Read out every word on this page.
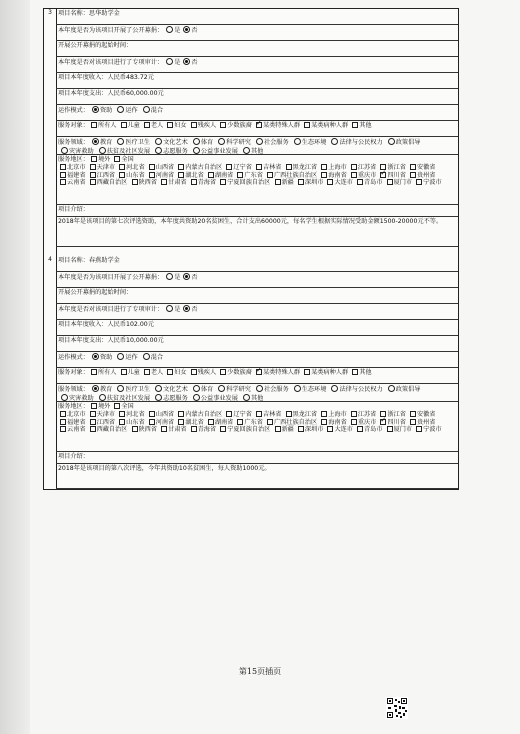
3 项目名称：思华助学金
本年度是否为该项目开展了公开募捐： 是 否
开展公开募捐的起始时间：
本年度是否对该项目进行了专项审计： 是 否
项目本年度收入：人民币483.72元
项目本年度支出：人民币60,000.00元
运作模式： 资助 运作 混合
服务对象： 所有人 儿童 老人 妇女 残疾人 少数族裔 ✓ 某类特殊人群 某类病种人群 其他
服务领域： 教育 医疗卫生 文化艺术 体育 科学研究 社会服务 生态环境 法律与公民权力 政策倡导灾害救助 扶贫及社区发展 志愿服务 公益事业发展 其他
服务地区： 境外 全国
北京市 天津市 河北省 山西省 内蒙古自治区 辽宁省 吉林省 黑龙江省 上海市 江苏省 浙江省 安徽省福建省 江西省 山东省 河南省 湖北省 湖南省 广东省 广西壮族自治区 海南省 重庆市 ✓ 四川省 贵州省云南省 西藏自治区 陕西省 甘肃省 青海省 宁夏回族自治区 新疆 深圳市 大连市 青岛市 厦门市 宁波市
项目介绍：
2018年是该项目的第七次评选资助，本年度共资助20名贫困生，合计支出60000元，每名学生根据实际情况受助金额1500-20000元不等。
4 项目名称：春燕助学金
本年度是否为该项目开展了公开募捐： 是 否
开展公开募捐的起始时间：
本年度是否对该项目进行了专项审计： 是 否
项目本年度收入：人民币102.00元
项目本年度支出：人民币10,000.00元
运作模式： 资助 运作 混合
服务对象： 所有人 儿童 老人 妇女 残疾人 少数族裔 ✓ 某类特殊人群 某类病种人群 其他
服务领域： 教育 医疗卫生 文化艺术 体育 科学研究 社会服务 生态环境 法律与公民权力 政策倡导灾害救助 扶贫及社区发展 志愿服务 公益事业发展 其他
服务地区： 境外 全国
北京市 天津市 河北省 山西省 内蒙古自治区 辽宁省 吉林省 黑龙江省 上海市 江苏省 浙江省 安徽省福建省 江西省 山东省 河南省 湖北省 湖南省 广东省 广西壮族自治区 海南省 重庆市 ✓ 四川省 贵州省云南省 西藏自治区 陕西省 甘肃省 青海省 宁夏回族自治区 新疆 深圳市 大连市 青岛市 厦门市 宁波市
项目介绍：
2018年是该项目的第八次评选，今年共资助10名贫困生，每人资助1000元。
第15页插页
